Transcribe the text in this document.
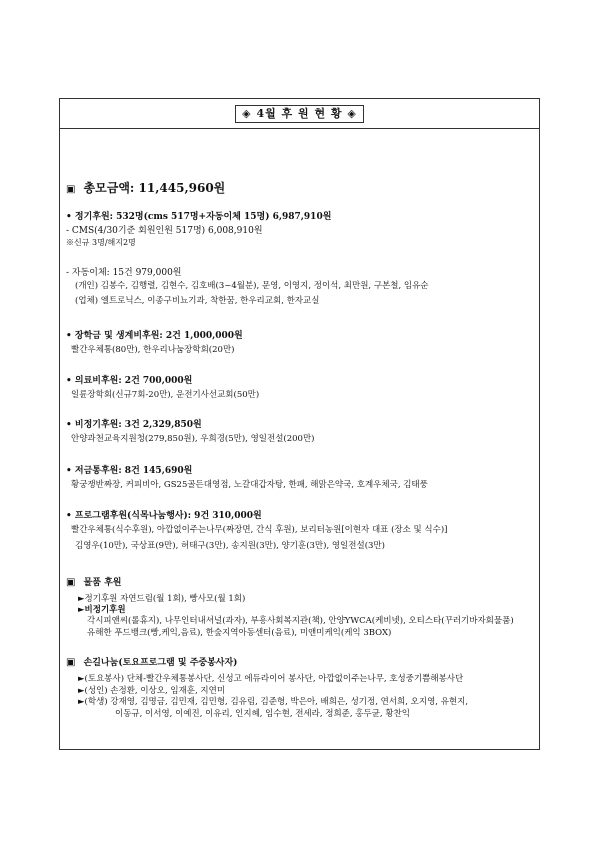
◈ 4월 후 원 현 황 ◈
▣ 총모금액: 11,445,960원
• 정기후원: 532명(cms 517명+자동이체 15명) 6,987,910원
- CMS(4/30기준 회원인원 517명) 6,008,910원
※신규 3명/해지2명
- 자동이체: 15건 979,000원
(개인) 김봉수, 김행렬, 김현수, 김호배(3~4월분), 문영, 이영지, 정이석, 최만원, 구본철, 임유순
(업체) 엘트로닉스, 이종구비뇨기과, 착한꿈, 한우리교회, 한자교실
• 장학금 및 생계비후원: 2건 1,000,000원
빨간우체통(80만), 한우리나눔장학회(20만)
• 의료비후원: 2건 700,000원
일륜장학회(신규7회-20만), 운전기사선교회(50만)
• 비정기후원: 3건 2,329,850원
안양과천교육지원청(279,850원), 우희경(5만), 영일전설(200만)
• 저금통후원: 8건 145,690원
황궁쟁반짜장, 커피비아, GS25골든대영점, 노갈대갑자탕, 한패, 해맑은약국, 호계우체국, 김태풍
• 프로그램후원(식목나눔행사): 9건 310,000원
빨간우체통(식수후원), 아깝없이주는나무(짜장면, 간식 후원), 보리터농원[이현자 대표 (장소 및 식수)]
김영우(10만), 국상표(9만), 허태구(3만), 송지원(3만), 양기훈(3만), 영일전설(3만)
▣ 물품 후원
►정기후원 자연드림(월 1회), 빵사모(월 1회)
►비정기후원
각시피앤씨(롤휴지), 나무인터내셔널(과자), 부흥사회복지관(책), 안양YWCA(케비넷), 오티스타(꾸러기바자회물품)
유해한 푸드뱅크(빵,케익,음료), 한숲지역아동센터(음료), 미앤미케익(케익 3BOX)
▣ 손길나눔(토요프로그램 및 주중봉사자)
►(토요봉사) 단체-빨간우체통봉사단, 신성고 에듀라이어 봉사단, 아깝없이주는나무, 호성중기쁨해봉사단
►(성인) 손정환, 이상오, 임재훈, 지연미
►(학생) 강재영, 김명금, 김민재, 김민형, 김유림, 김준형, 박은아, 배희은, 성기정, 연서희, 오지영, 유현지,
이동규, 이서영, 이예진, 이유리, 인지혜, 임수현, 전세라, 정희준, 홍두균, 황찬익
